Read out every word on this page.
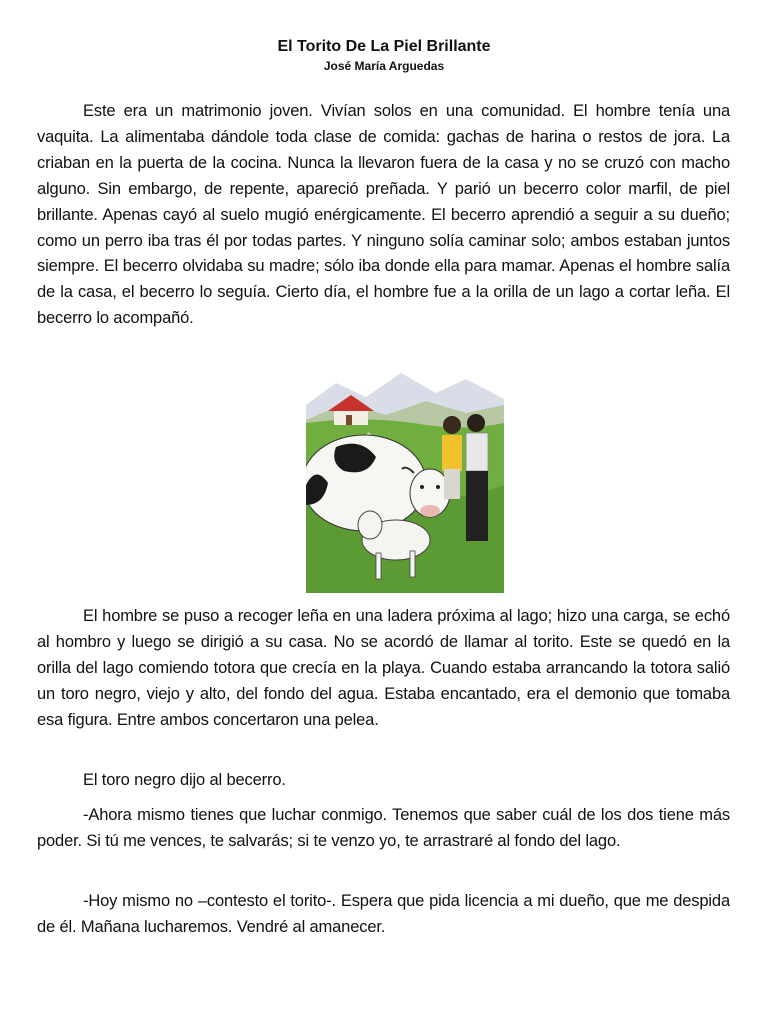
El Torito De La Piel Brillante
José María Arguedas

Este era un matrimonio joven. Vivían solos en una comunidad. El hombre tenía una vaquita. La alimentaba dándole toda clase de comida: gachas de harina o restos de jora. La criaban en la puerta de la cocina. Nunca la llevaron fuera de la casa y no se cruzó con macho alguno. Sin embargo, de repente, apareció preñada. Y parió un becerro color marfil, de piel brillante. Apenas cayó al suelo mugió enérgicamente. El becerro aprendió a seguir a su dueño; como un perro iba tras él por todas partes. Y ninguno solía caminar solo; ambos estaban juntos siempre. El becerro olvidaba su madre; sólo iba donde ella para mamar. Apenas el hombre salía de la casa, el becerro lo seguía. Cierto día, el hombre fue a la orilla de un lago a cortar leña. El becerro lo acompañó.

El hombre se puso a recoger leña en una ladera próxima al lago; hizo una carga, se echó al hombro y luego se dirigió a su casa. No se acordó de llamar al torito. Este se quedó en la orilla del lago comiendo totora que crecía en la playa. Cuando estaba arrancando la totora salió un toro negro, viejo y alto, del fondo del agua. Estaba encantado, era el demonio que tomaba esa figura. Entre ambos concertaron una pelea.

El toro negro dijo al becerro.

-Ahora mismo tienes que luchar conmigo. Tenemos que saber cuál de los dos tiene más poder. Si tú me vences, te salvarás; si te venzo yo, te arrastraré al fondo del lago.

-Hoy mismo no –contesto el torito-. Espera que pida licencia a mi dueño, que me despida de él. Mañana lucharemos. Vendré al amanecer.
